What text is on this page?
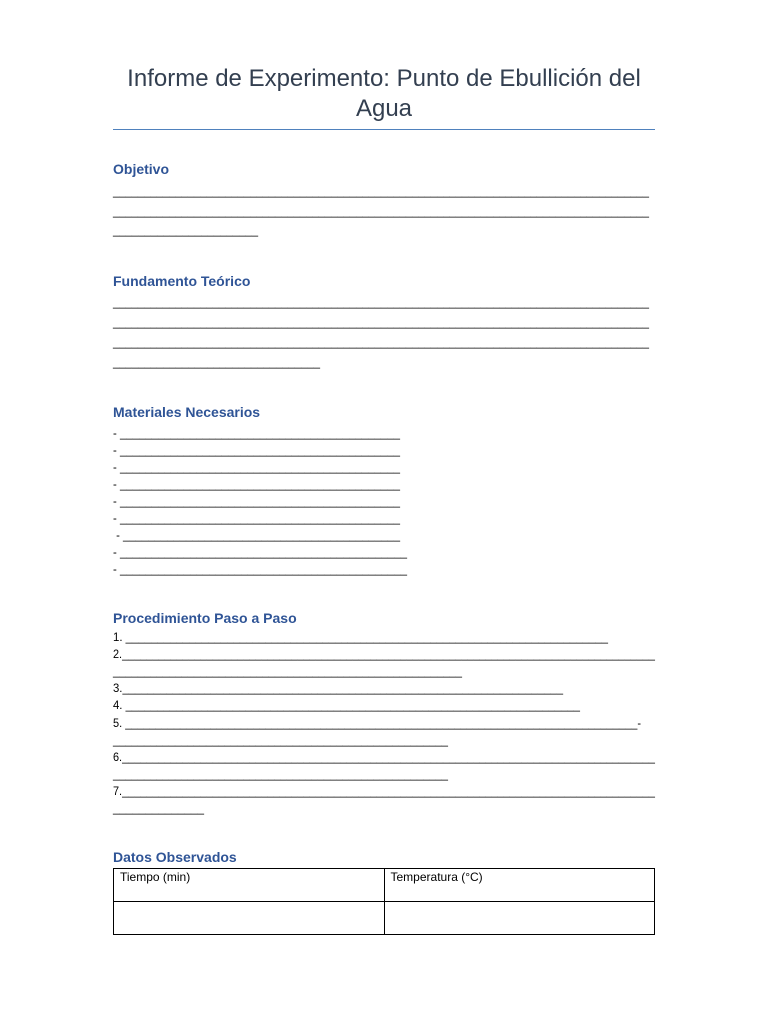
Informe de Experimento: Punto de Ebullición del Agua
Objetivo
______________________________________________________________________________________
______________________________________________________________________________________
_______________________
Fundamento Teórico
______________________________________________________________________________________
______________________________________________________________________________________
______________________________________________________________________________________
_________________________________
Materiales Necesarios
- ____________________________________________
- ____________________________________________
- ____________________________________________
- ____________________________________________
- ____________________________________________
- ____________________________________________
- ____________________________________________
- _____________________________________________
- _____________________________________________
Procedimiento Paso a Paso
1. ____________________________________________________________________________
2.________________________________________________________________________________________
________________________________________________________
3.______________________________________________________________________
4. ________________________________________________________________________
5. ____________________________________________________________________________________-
______________________________________________________
6.________________________________________________________________________________________
______________________________________________________
7.________________________________________________________________________________________
______________
Datos Observados
Tiempo (min)	Temperatura (°C)
